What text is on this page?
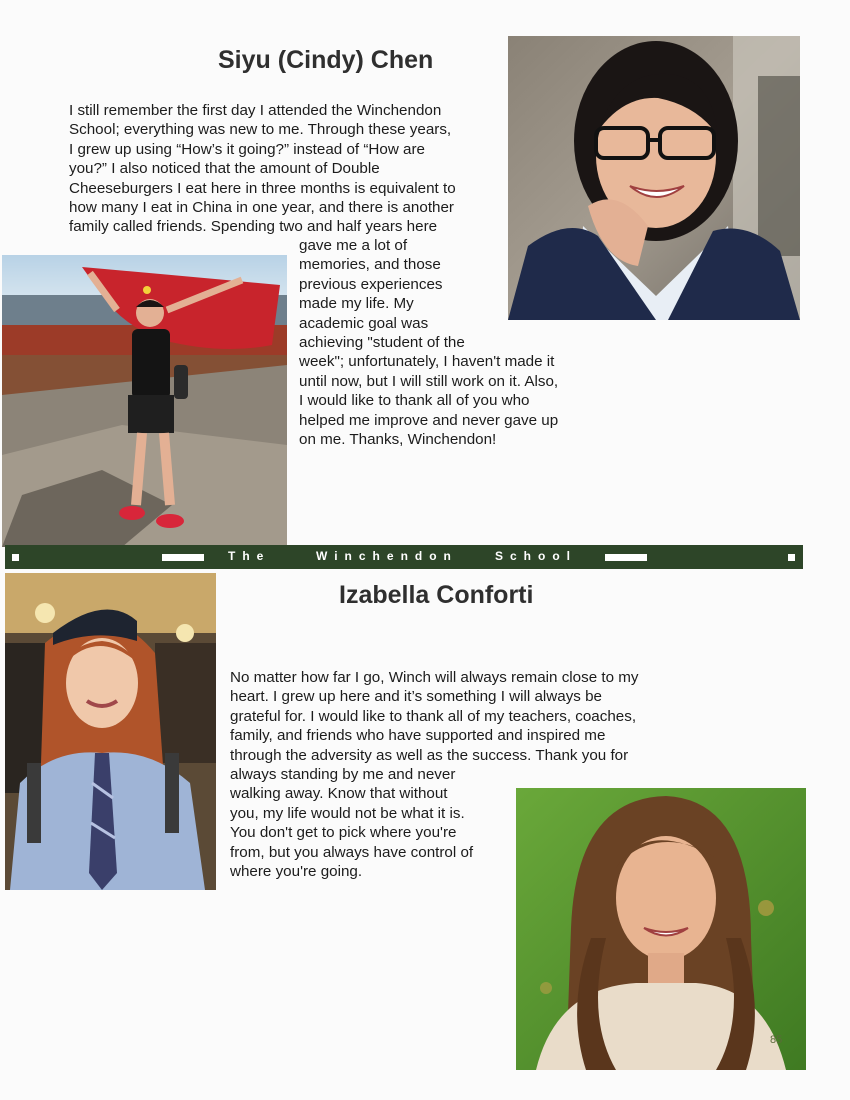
Siyu (Cindy) Chen
I still remember the first day I attended the Winchendon
School; everything was new to me. Through these years,
I grew up using “How’s it going?” instead of “How are
you?” I also noticed that the amount of Double
Cheeseburgers I eat here in three months is equivalent to
how many I eat in China in one year, and there is another
family called friends. Spending two and half years here
gave me a lot of
memories, and those
previous experiences
made my life. My
academic goal was
achieving "student of the
week"; unfortunately, I haven't made it
until now, but I will still work on it. Also,
I would like to thank all of you who
helped me improve and never gave up
on me. Thanks, Winchendon!
The	Winchendon	School
Izabella Conforti
No matter how far I go, Winch will always remain close to my
heart. I grew up here and it’s something I will always be
grateful for. I would like to thank all of my teachers, coaches,
family, and friends who have supported and inspired me
through the adversity as well as the success. Thank you for
always standing by me and never
walking away. Know that without
you, my life would not be what it is.
You don't get to pick where you're
from, but you always have control of
where you're going.
85
